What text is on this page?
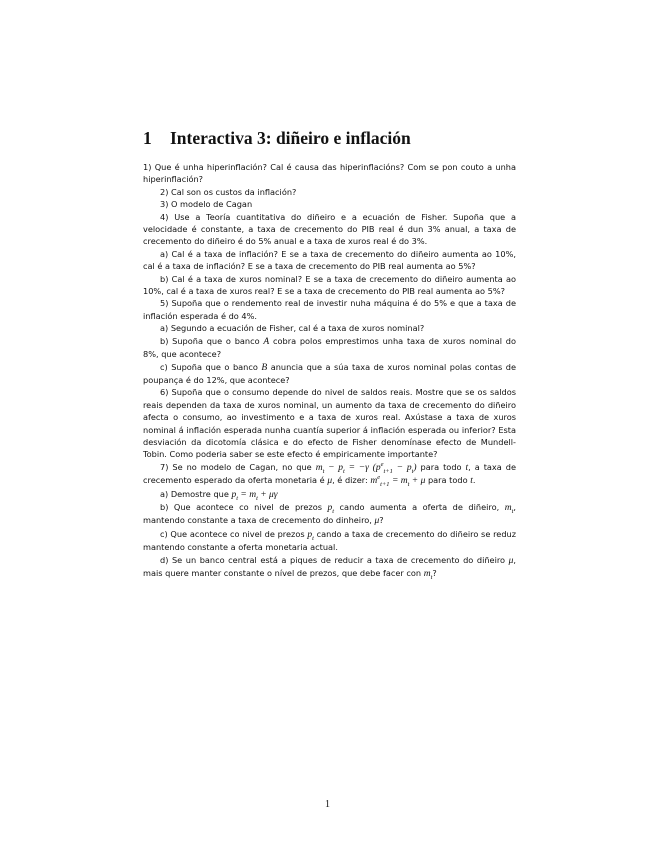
1 Interactiva 3: diñeiro e inflación

1) Que é unha hiperinflación? Cal é causa das hiperinflacións? Com se pon couto a unha hiperinflación?

2) Cal son os custos da inflación?

3) O modelo de Cagan

4) Use a Teoría cuantitativa do diñeiro e a ecuación de Fisher. Supoña que a velocidade é constante, a taxa de crecemento do PIB real é dun 3% anual, a taxa de crecemento do diñeiro é do 5% anual e a taxa de xuros real é do 3%.

a) Cal é a taxa de inflación? E se a taxa de crecemento do diñeiro aumenta ao 10%, cal é a taxa de inflación? E se a taxa de crecemento do PIB real aumenta ao 5%?

b) Cal é a taxa de xuros nominal? E se a taxa de crecemento do diñeiro aumenta ao 10%, cal é a taxa de xuros real? E se a taxa de crecemento do PIB real aumenta ao 5%?

5) Supoña que o rendemento real de investir nuha máquina é do 5% e que a taxa de inflación esperada é do 4%.

a) Segundo a ecuación de Fisher, cal é a taxa de xuros nominal?

b) Supoña que o banco A cobra polos emprestimos unha taxa de xuros nominal do 8%, que acontece?

c) Supoña que o banco B anuncia que a súa taxa de xuros nominal polas contas de poupança é do 12%, que acontece?

6) Supoña que o consumo depende do nivel de saldos reais. Mostre que se os saldos reais dependen da taxa de xuros nominal, un aumento da taxa de crecemento do diñeiro afecta o consumo, ao investimento e a taxa de xuros real. Axústase a taxa de xuros nominal á inflación esperada nunha cuantía superior á inflación esperada ou inferior? Esta desviación da dicotomía clásica e do efecto de Fisher denomínase efecto de Mundell-Tobin. Como poderia saber se este efecto é empiricamente importante?

7) Se no modelo de Cagan, no que $m_t - p_t = -\gamma$ $(p^e_{t+1} - p_t)$ para todo t, a taxa de crecemento esperado da oferta monetaria é μ, é dizer: $m^e_{t+1} = m_t + \mu$ para todo t.

a) Demostre que $p_t = m_t + \mu\gamma$

b) Que acontece co nivel de prezos $p_t$ cando aumenta a oferta de diñeiro, $m_t$, mantendo constante a taxa de crecemento do dinheiro, μ?

c) Que acontece co nivel de prezos $p_t$ cando a taxa de crecemento do diñeiro se reduz mantendo constante a oferta monetaria actual.

d) Se un banco central está a piques de reducir a taxa de crecemento do diñeiro μ, mais quere manter constante o nível de prezos, que debe facer con $m_t$?

1
